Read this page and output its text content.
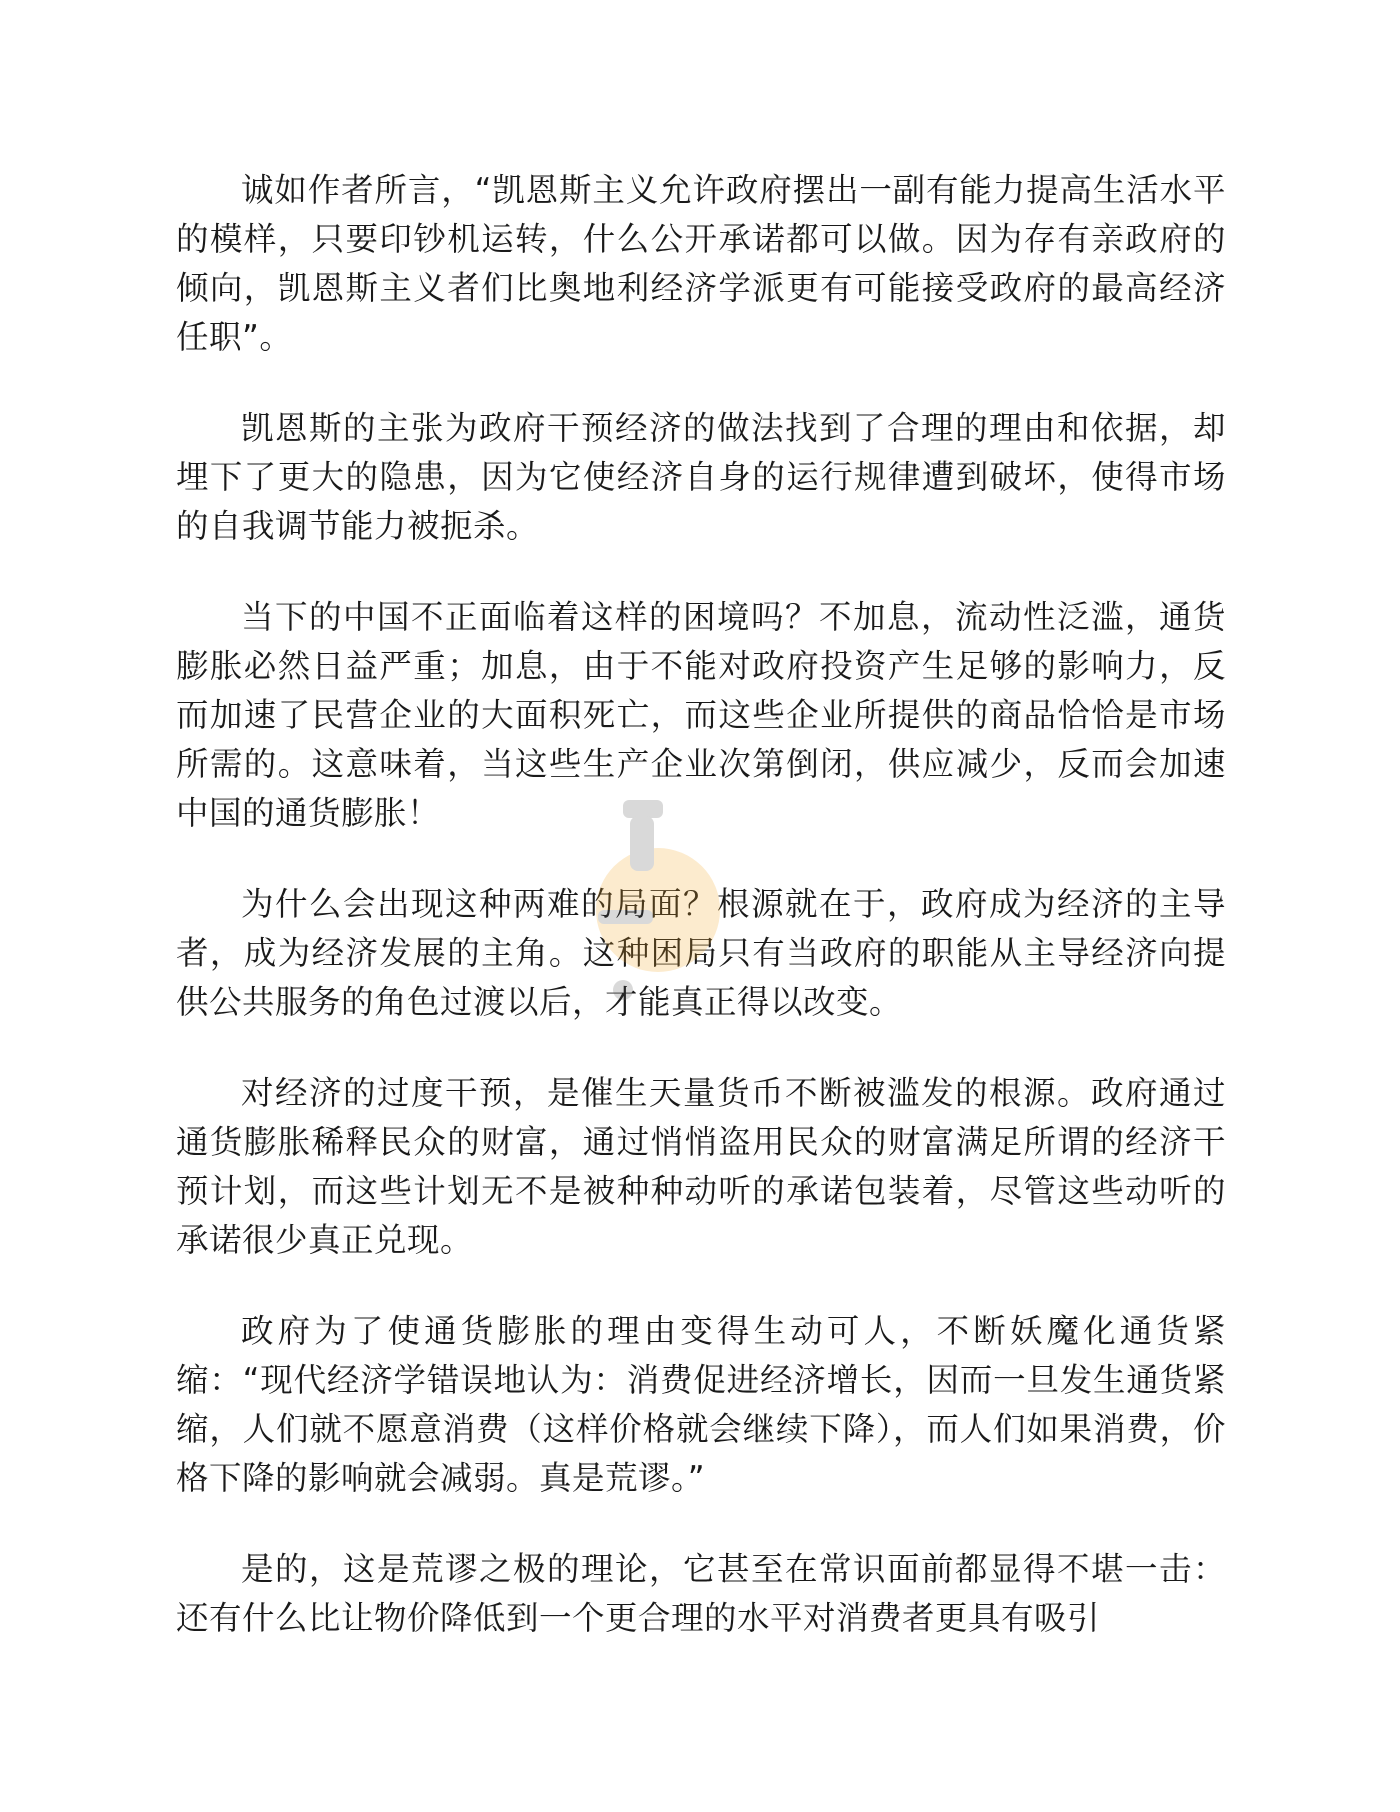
诚如作者所言，“凯恩斯主义允许政府摆出一副有能力提高生活水平的模样，只要印钞机运转，什么公开承诺都可以做。因为存有亲政府的倾向，凯恩斯主义者们比奥地利经济学派更有可能接受政府的最高经济任职”。

凯恩斯的主张为政府干预经济的做法找到了合理的理由和依据，却埋下了更大的隐患，因为它使经济自身的运行规律遭到破坏，使得市场的自我调节能力被扼杀。

当下的中国不正面临着这样的困境吗？不加息，流动性泛滥，通货膨胀必然日益严重；加息，由于不能对政府投资产生足够的影响力，反而加速了民营企业的大面积死亡，而这些企业所提供的商品恰恰是市场所需的。这意味着，当这些生产企业次第倒闭，供应减少，反而会加速中国的通货膨胀！

为什么会出现这种两难的局面？根源就在于，政府成为经济的主导者，成为经济发展的主角。这种困局只有当政府的职能从主导经济向提供公共服务的角色过渡以后，才能真正得以改变。

对经济的过度干预，是催生天量货币不断被滥发的根源。政府通过通货膨胀稀释民众的财富，通过悄悄盗用民众的财富满足所谓的经济干预计划，而这些计划无不是被种种动听的承诺包装着，尽管这些动听的承诺很少真正兑现。

政府为了使通货膨胀的理由变得生动可人，不断妖魔化通货紧缩：“现代经济学错误地认为：消费促进经济增长，因而一旦发生通货紧缩，人们就不愿意消费（这样价格就会继续下降），而人们如果消费，价格下降的影响就会减弱。真是荒谬。”

是的，这是荒谬之极的理论，它甚至在常识面前都显得不堪一击：还有什么比让物价降低到一个更合理的水平对消费者更具有吸引
